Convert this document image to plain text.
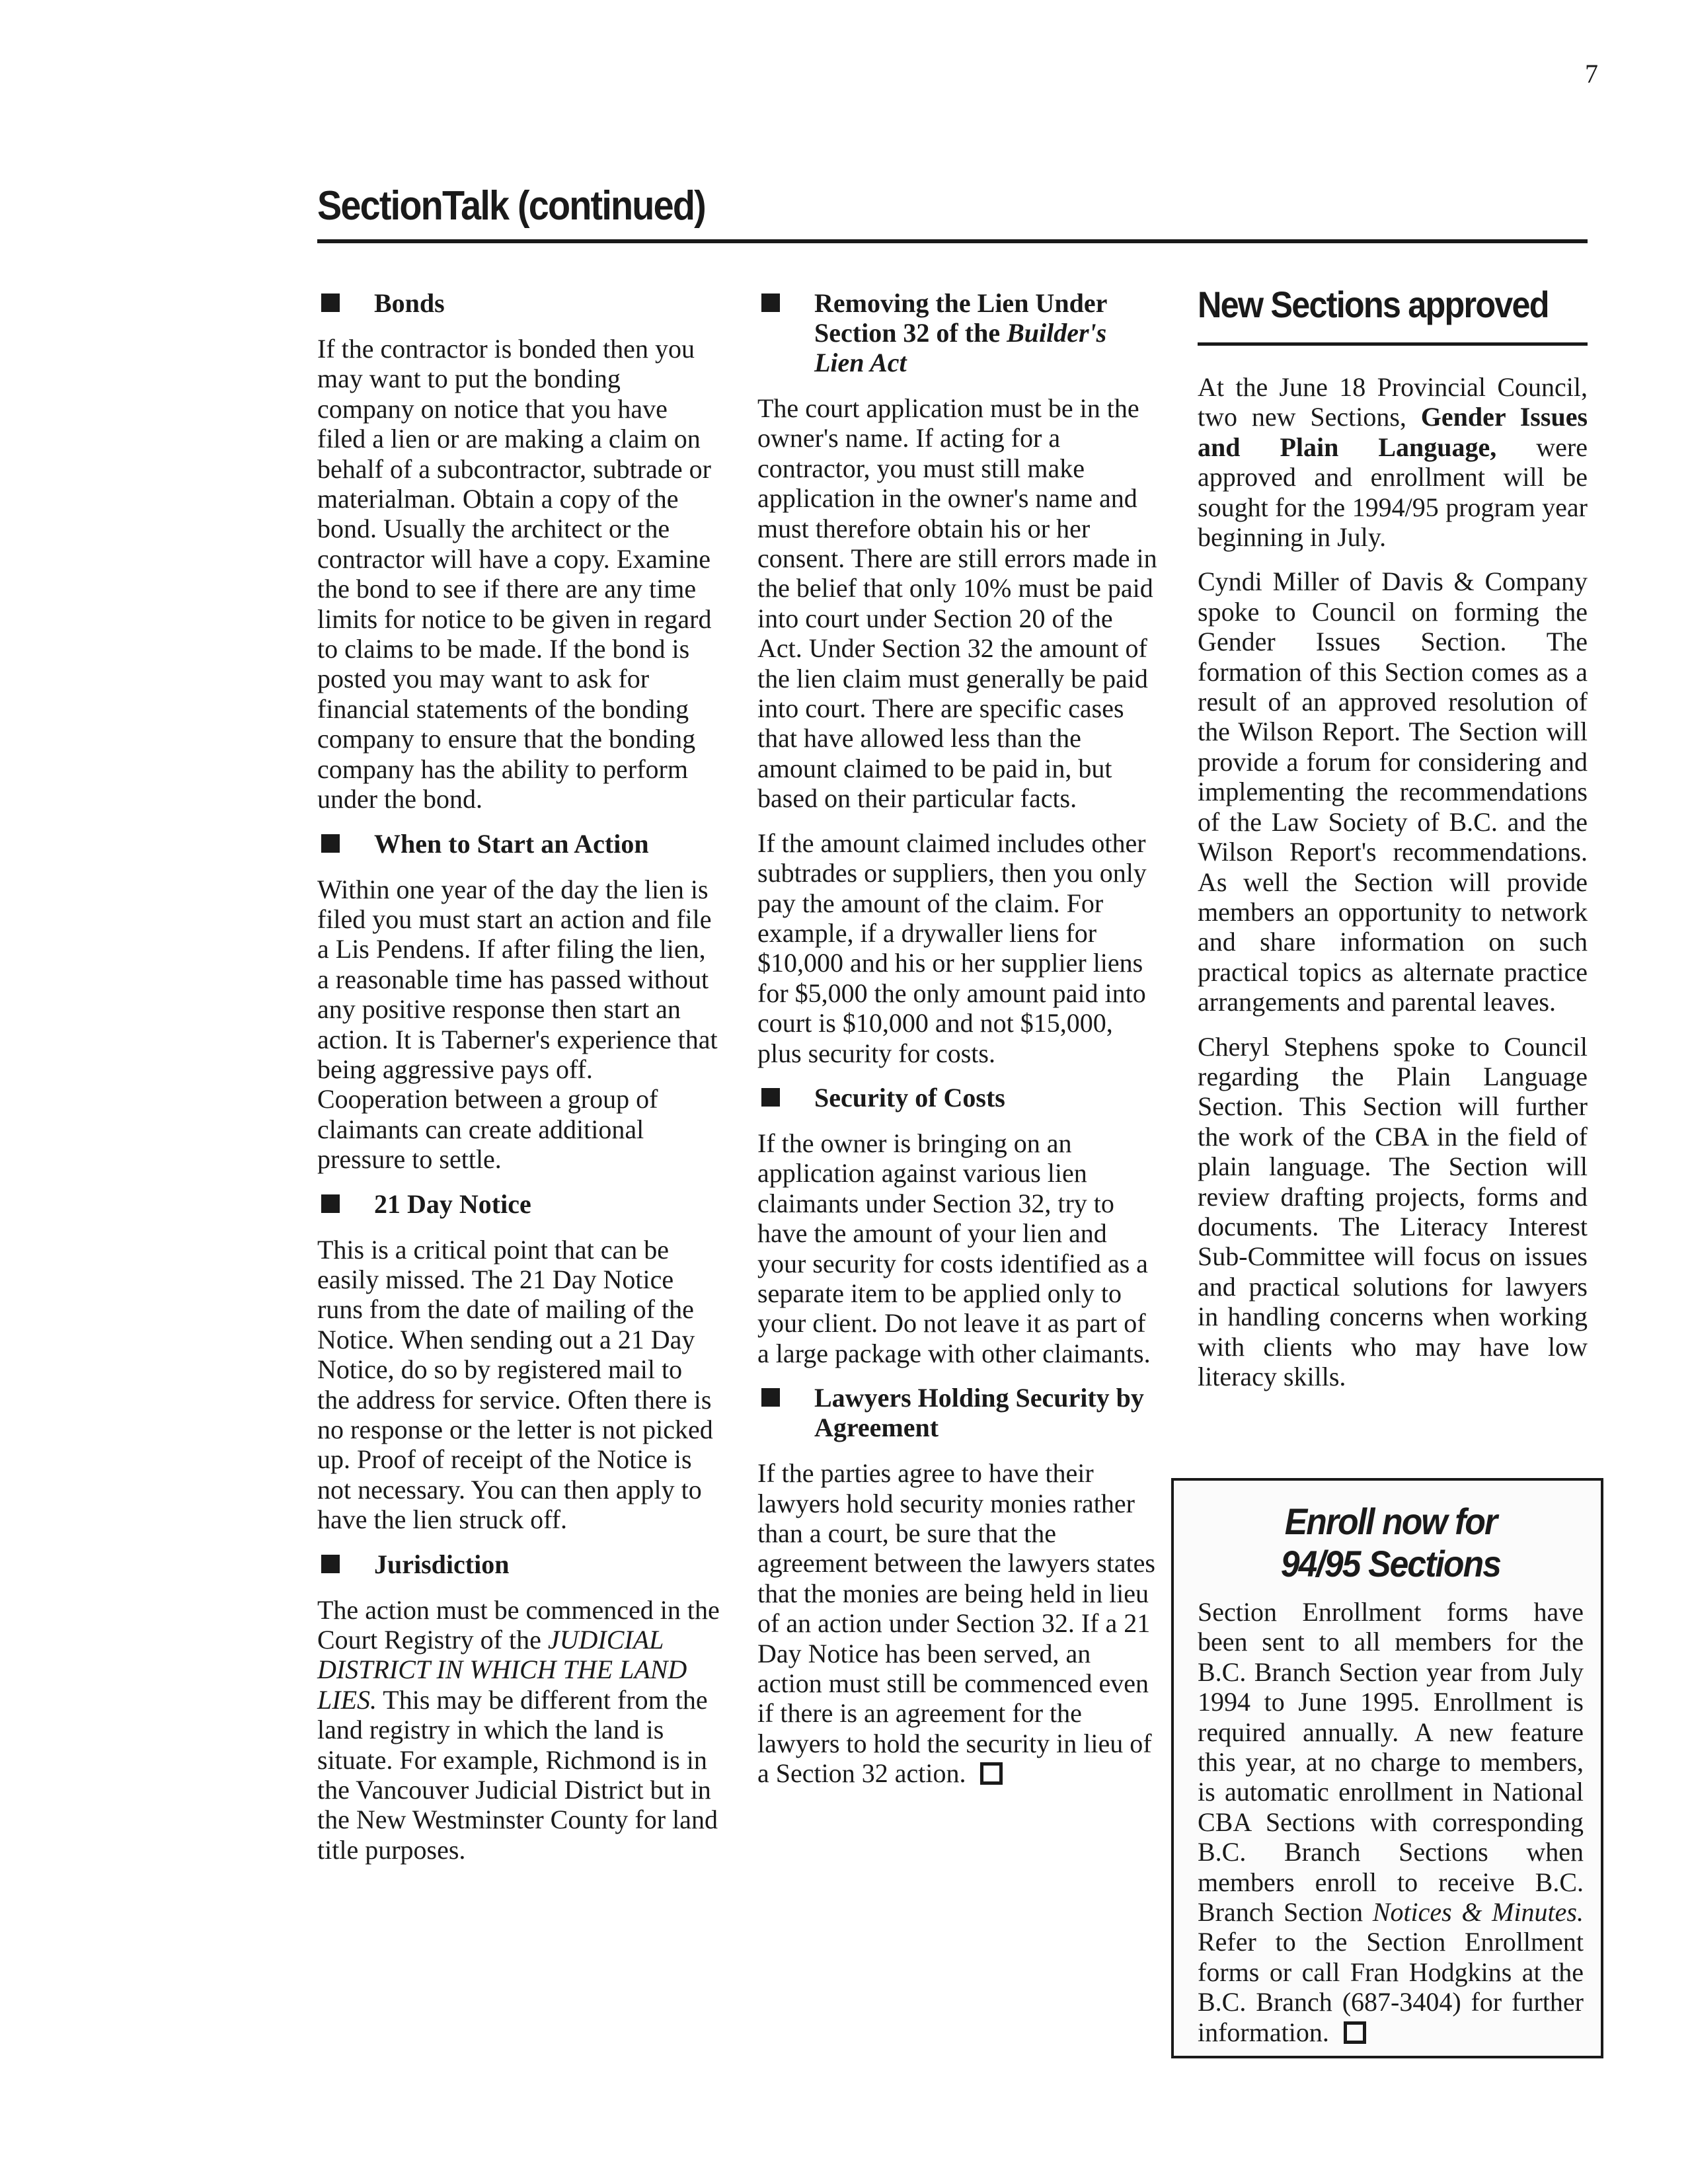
7
SectionTalk (continued)
Bonds

If the contractor is bonded then you may want to put the bonding company on notice that you have filed a lien or are making a claim on behalf of a subcontractor, subtrade or materialman. Obtain a copy of the bond. Usually the architect or the contractor will have a copy. Examine the bond to see if there are any time limits for notice to be given in regard to claims to be made. If the bond is posted you may want to ask for financial statements of the bonding company to ensure that the bonding company has the ability to perform under the bond.

When to Start an Action

Within one year of the day the lien is filed you must start an action and file a Lis Pendens. If after filing the lien, a reasonable time has passed without any positive response then start an action. It is Taberner's experience that being aggressive pays off. Cooperation between a group of claimants can create additional pressure to settle.

21 Day Notice

This is a critical point that can be easily missed. The 21 Day Notice runs from the date of mailing of the Notice. When sending out a 21 Day Notice, do so by registered mail to the address for service. Often there is no response or the letter is not picked up. Proof of receipt of the Notice is not necessary. You can then apply to have the lien struck off.

Jurisdiction

The action must be commenced in the Court Registry of the JUDICIAL DISTRICT IN WHICH THE LAND LIES. This may be different from the land registry in which the land is situate. For example, Richmond is in the Vancouver Judicial District but in the New Westminster County for land title purposes.

Removing the Lien Under
Section 32 of the Builder's Lien Act

The court application must be in the owner's name. If acting for a contractor, you must still make application in the owner's name and must therefore obtain his or her consent. There are still errors made in the belief that only 10% must be paid into court under Section 20 of the Act. Under Section 32 the amount of the lien claim must generally be paid into court. There are specific cases that have allowed less than the amount claimed to be paid in, but based on their particular facts.

If the amount claimed includes other subtrades or suppliers, then you only pay the amount of the claim. For example, if a drywaller liens for $10,000 and his or her supplier liens for $5,000 the only amount paid into court is $10,000 and not $15,000, plus security for costs.

Security of Costs

If the owner is bringing on an application against various lien claimants under Section 32, try to have the amount of your lien and your security for costs identified as a separate item to be applied only to your client. Do not leave it as part of a large package with other claimants.

Lawyers Holding Security by Agreement

If the parties agree to have their lawyers hold security monies rather than a court, be sure that the agreement between the lawyers states that the monies are being held in lieu of an action under Section 32. If a 21 Day Notice has been served, an action must still be commenced even if there is an agreement for the lawyers to hold the security in lieu of a Section 32 action.

New Sections approved

At the June 18 Provincial Council, two new Sections, Gender Issues and Plain Language, were approved and enrollment will be sought for the 1994/95 program year beginning in July.

Cyndi Miller of Davis & Company spoke to Council on forming the Gender Issues Section. The formation of this Section comes as a result of an approved resolution of the Wilson Report. The Section will provide a forum for considering and implementing the recommendations of the Law Society of B.C. and the Wilson Report's recommendations. As well the Section will provide members an opportunity to network and share information on such practical topics as alternate practice arrangements and parental leaves.

Cheryl Stephens spoke to Council regarding the Plain Language Section. This Section will further the work of the CBA in the field of plain language. The Section will review drafting projects, forms and documents. The Literacy Interest Sub-Committee will focus on issues and practical solutions for lawyers in handling concerns when working with clients who may have low literacy skills.

Enroll now for
94/95 Sections
Section Enrollment forms have been sent to all members for the B.C. Branch Section year from July 1994 to June 1995. Enrollment is required annually. A new feature this year, at no charge to members, is automatic enrollment in National CBA Sections with corresponding B.C. Branch Sections when members enroll to receive B.C. Branch Section Notices & Minutes. Refer to the Section Enrollment forms or call Fran Hodgkins at the B.C. Branch (687-3404) for further information.
